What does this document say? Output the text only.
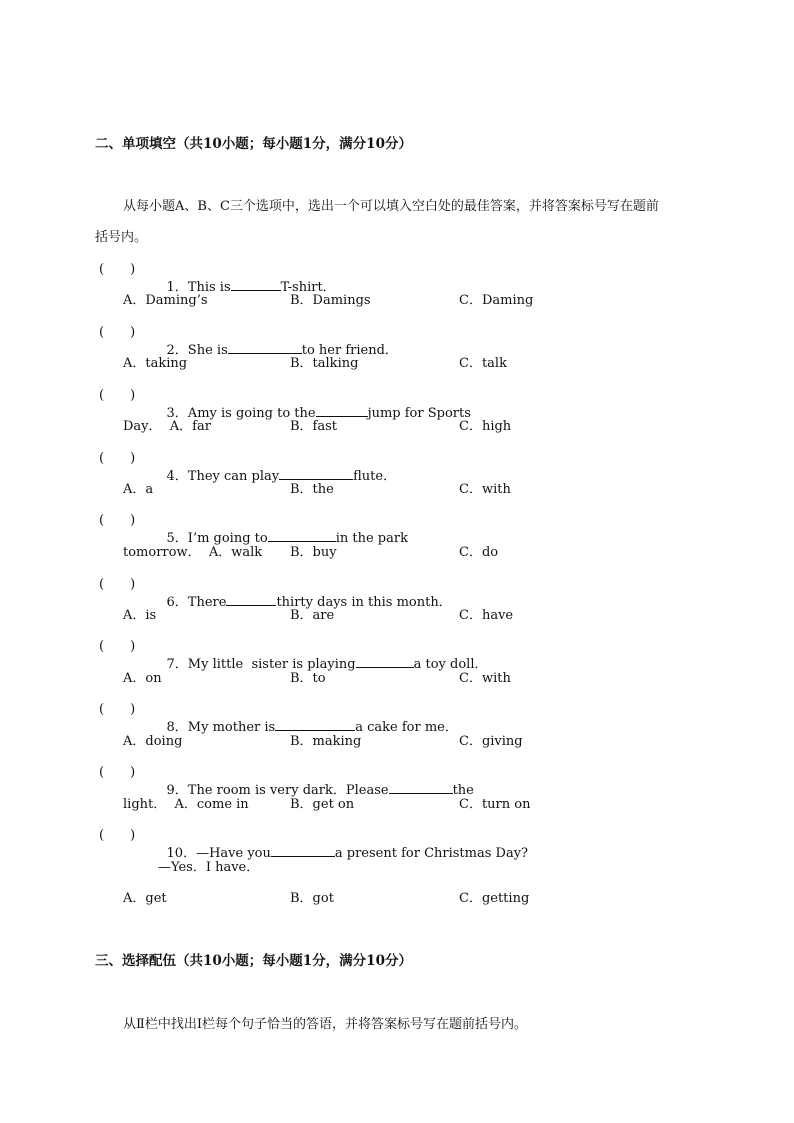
二、单项填空（共10小题；每小题1分，满分10分）
从每小题A、B、C三个选项中，选出一个可以填入空白处的最佳答案，并将答案标号写在题前
括号内。
(　　)

1．This is	T-shirt．

A．Daming’s	B．Damings	C．Daming
(　　)

2．She is	to her friend．

A．taking	B．talking	C．talk
(　　)

3．Amy is going to the	jump for Sports

Day．  A．far	B．fast	C．high
(　　)

4．They can play	flute．

A．a	B．the	C．with
(　　)

5．I’m going to	in the park

tomorrow．  A．walk B．buy	C．do
(　　)

6．There	thirty days in this month．

A．is	B．are	C．have
(　　)

7．My little  sister is playing	a toy doll．

A．on	B．to	C．with
(　　)

8．My mother is	a cake for me．

A．doing	B．making	C．giving
(　　)

9．The room is very dark．Please	the

light．  A．come in	B．get on	C．turn on
(　　)

10．—Have you	a present for Christmas Day?

—Yes．I have．
A．get	B．got	C．getting
三、选择配伍（共10小题；每小题1分，满分10分）
从Ⅱ栏中找出Ⅰ栏每个句子恰当的答语，并将答案标号写在题前括号内。
